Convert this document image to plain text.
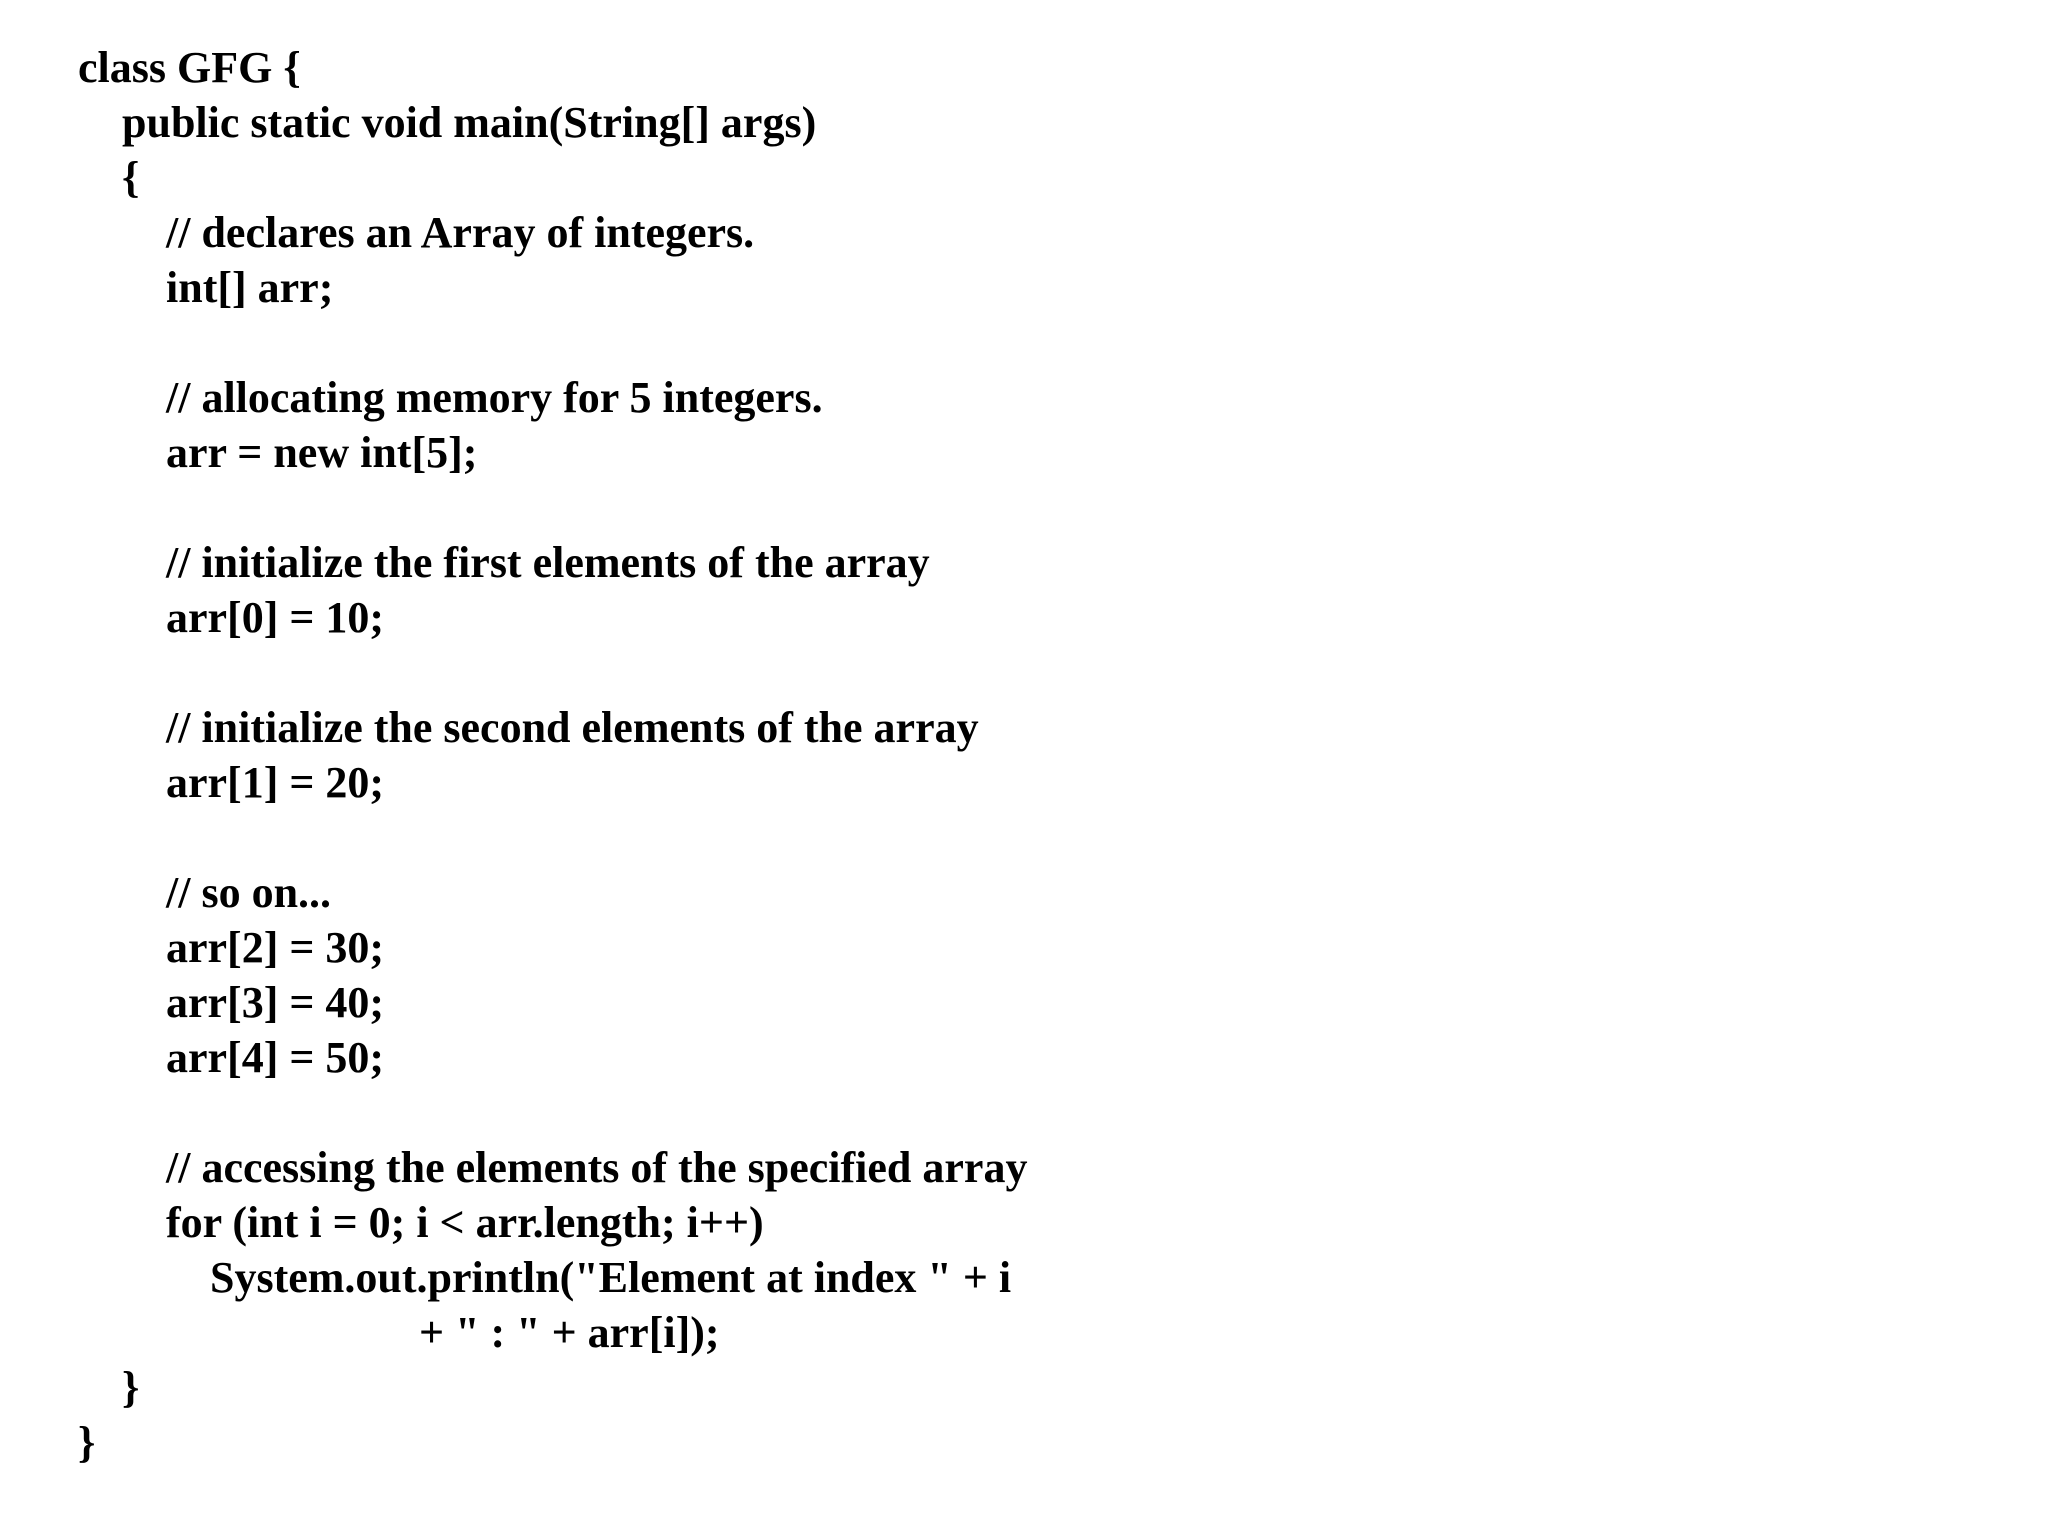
class GFG {
public static void main(String[] args)
{
// declares an Array of integers.
int[] arr;
// allocating memory for 5 integers.
arr = new int[5];
// initialize the first elements of the array
arr[0] = 10;
// initialize the second elements of the array
arr[1] = 20;
// so on...
arr[2] = 30;
arr[3] = 40;
arr[4] = 50;
// accessing the elements of the specified array
for (int i = 0; i < arr.length; i++)
System.out.println("Element at index " + i
+ " : " + arr[i]);
}
}
